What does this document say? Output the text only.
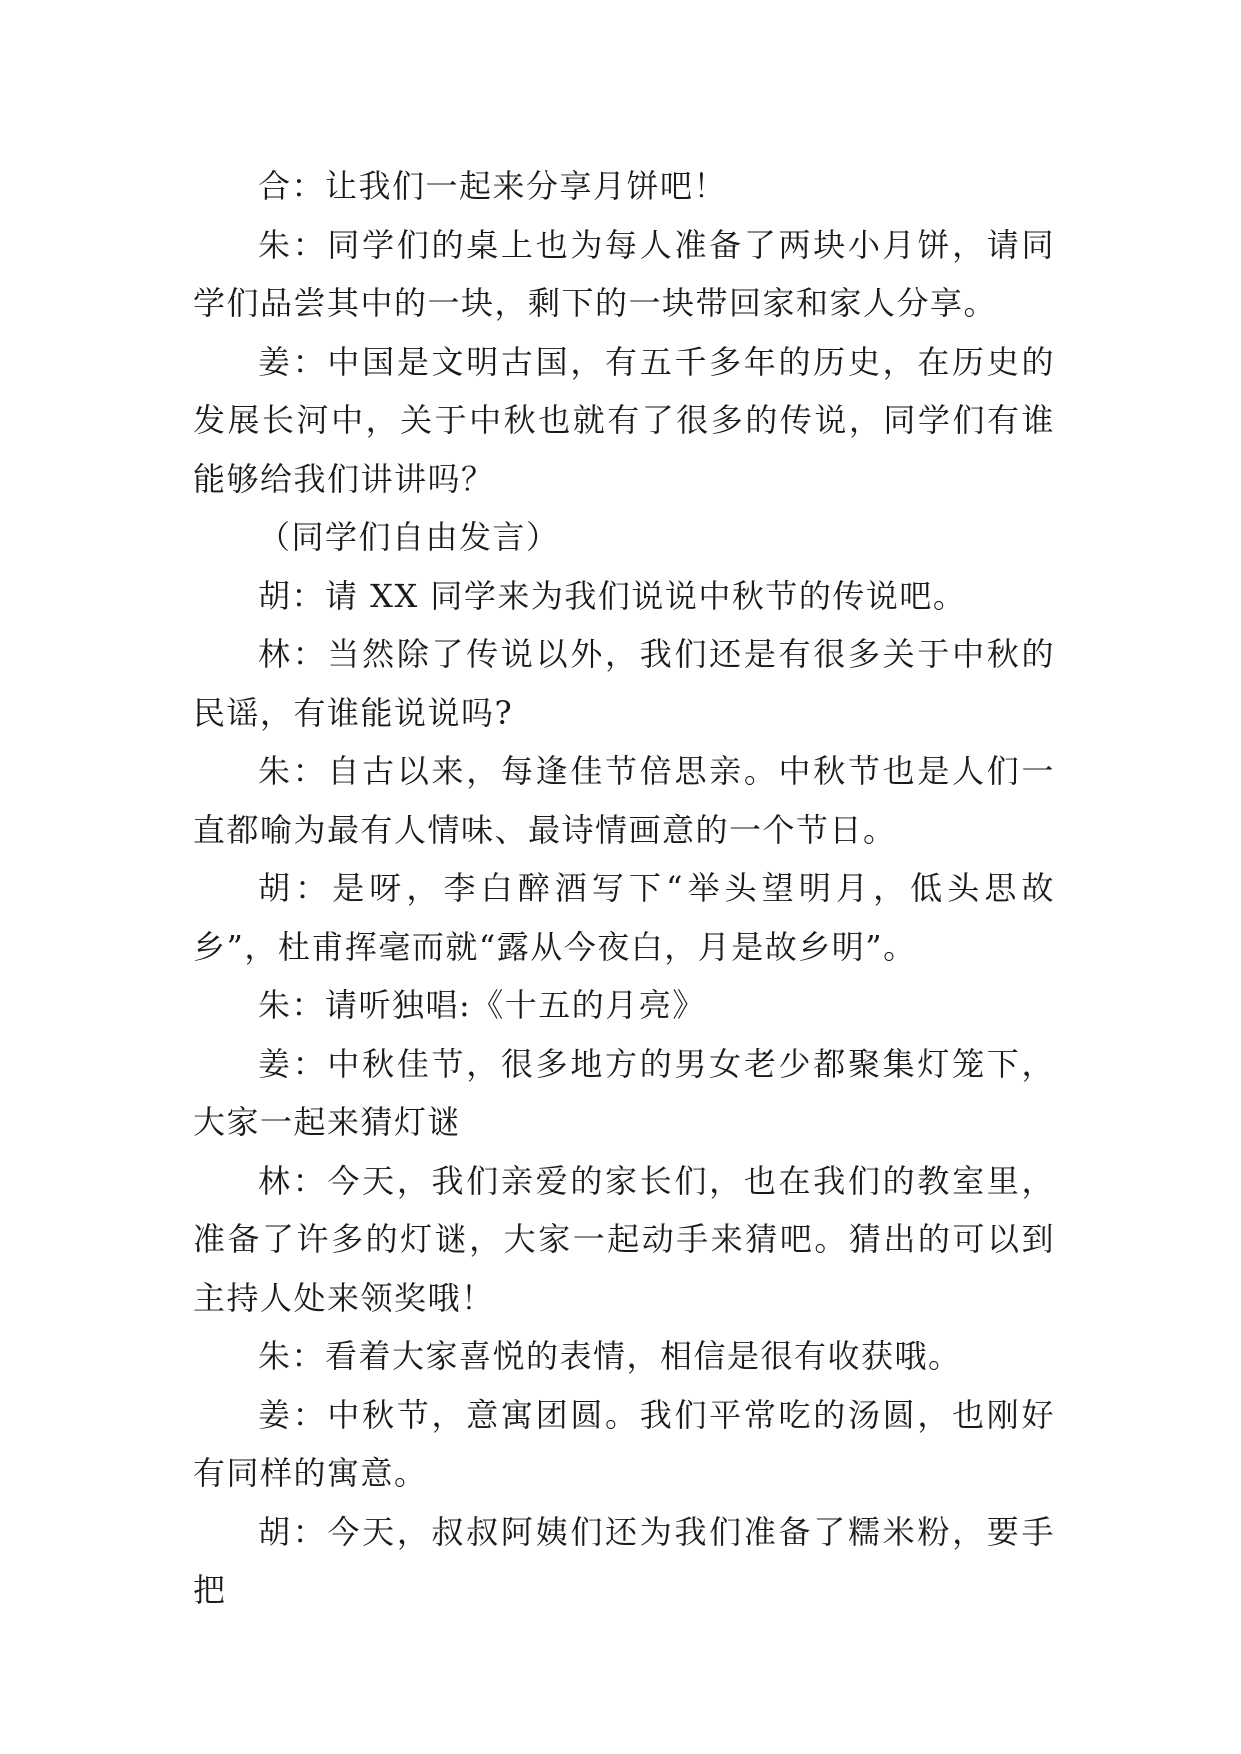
合：让我们一起来分享月饼吧！

朱：同学们的桌上也为每人准备了两块小月饼，请同学们品尝其中的一块，剩下的一块带回家和家人分享。

姜：中国是文明古国，有五千多年的历史，在历史的发展长河中，关于中秋也就有了很多的传说，同学们有谁能够给我们讲讲吗？

（同学们自由发言）

胡：请 XX 同学来为我们说说中秋节的传说吧。

林：当然除了传说以外，我们还是有很多关于中秋的民谣，有谁能说说吗?

朱：自古以来，每逢佳节倍思亲。中秋节也是人们一直都喻为最有人情味、最诗情画意的一个节日。

胡：是呀，李白醉酒写下“举头望明月，低头思故乡”，杜甫挥毫而就“露从今夜白，月是故乡明”。

朱：请听独唱:《十五的月亮》

姜：中秋佳节，很多地方的男女老少都聚集灯笼下，大家一起来猜灯谜

林：今天，我们亲爱的家长们，也在我们的教室里，准备了许多的灯谜，大家一起动手来猜吧。猜出的可以到主持人处来领奖哦！

朱：看着大家喜悦的表情，相信是很有收获哦。

姜：中秋节，意寓团圆。我们平常吃的汤圆，也刚好有同样的寓意。

胡：今天，叔叔阿姨们还为我们准备了糯米粉，要手把
